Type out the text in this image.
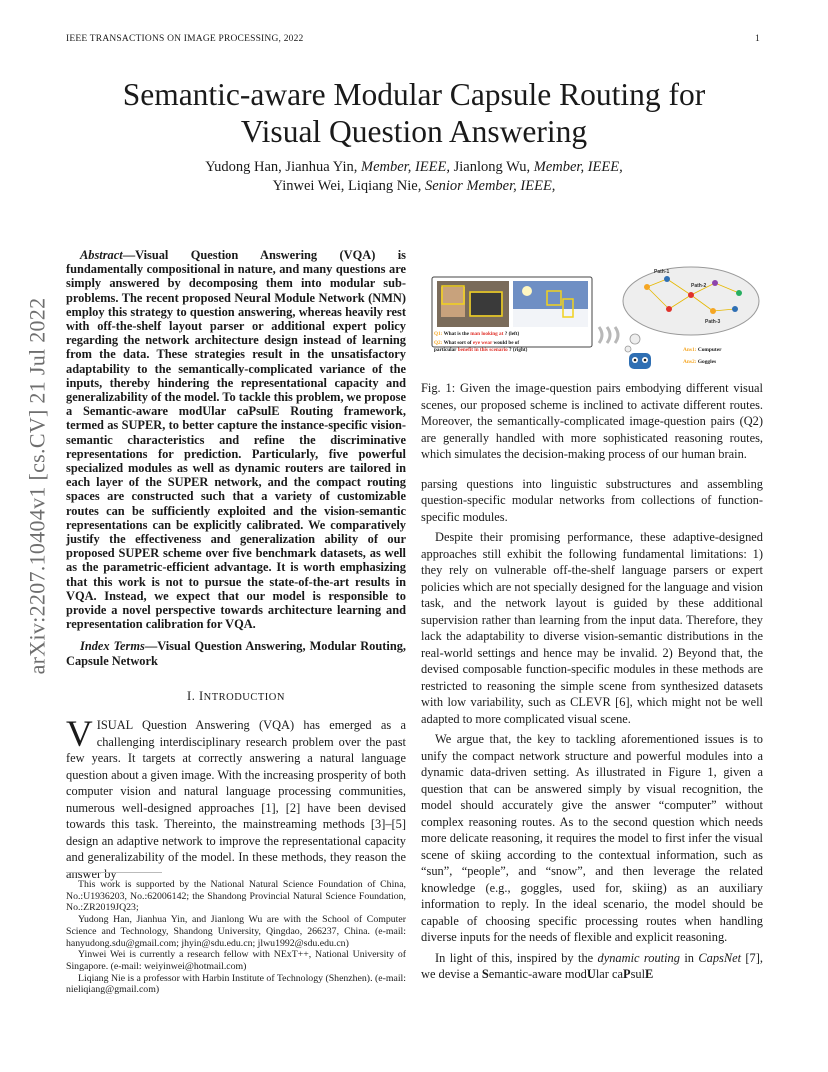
IEEE TRANSACTIONS ON IMAGE PROCESSING, 2022	1
arXiv:2207.10404v1 [cs.CV] 21 Jul 2022
Semantic-aware Modular Capsule Routing for
Visual Question Answering
Yudong Han, Jianhua Yin, Member, IEEE, Jianlong Wu, Member, IEEE,
Yinwei Wei, Liqiang Nie, Senior Member, IEEE,
Abstract—Visual Question Answering (VQA) is fundamentally compositional in nature, and many questions are simply answered by decomposing them into modular sub-problems. The recent proposed Neural Module Network (NMN) employ this strategy to question answering, whereas heavily rest with off-the-shelf layout parser or additional expert policy regarding the network architecture design instead of learning from the data. These strategies result in the unsatisfactory adaptability to the semantically-complicated variance of the inputs, thereby hindering the representational capacity and generalizability of the model. To tackle this problem, we propose a Semantic-aware modUlar caPsulE Routing framework, termed as SUPER, to better capture the instance-specific vision-semantic characteristics and refine the discriminative representations for prediction. Particularly, five powerful specialized modules as well as dynamic routers are tailored in each layer of the SUPER network, and the compact routing spaces are constructed such that a variety of customizable routes can be sufficiently exploited and the vision-semantic representations can be explicitly calibrated. We comparatively justify the effectiveness and generalization ability of our proposed SUPER scheme over five benchmark datasets, as well as the parametric-efficient advantage. It is worth emphasizing that this work is not to pursue the state-of-the-art results in VQA. Instead, we expect that our model is responsible to provide a novel perspective towards architecture learning and representation calibration for VQA.
Index Terms—Visual Question Answering, Modular Routing, Capsule Network
I. INTRODUCTION
VISUAL Question Answering (VQA) has emerged as a challenging interdisciplinary research problem over the past few years. It targets at correctly answering a natural language question about a given image. With the increasing prosperity of both computer vision and natural language processing communities, numerous well-designed approaches [1], [2] have been devised towards this task. Thereinto, the mainstreaming methods [3]–[5] design an adaptive network to improve the representational capacity and generalizability of the model. In these methods, they reason the answer by

This work is supported by the National Natural Science Foundation of China, No.:U1936203, No.:62006142; the Shandong Provincial Natural Science Foundation, No.:ZR2019JQ23;

Yudong Han, Jianhua Yin, and Jianlong Wu are with the School of Computer Science and Technology, Shandong University, Qingdao, 266237, China. (e-mail: hanyudong.sdu@gmail.com; jhyin@sdu.edu.cn; jlwu1992@sdu.edu.cn)

Yinwei Wei is currently a research fellow with NExT++, National University of Singapore. (e-mail: weiyinwei@hotmail.com)

Liqiang Nie is a professor with Harbin Institute of Technology (Shenzhen). (e-mail: nieliqiang@gmail.com)

Q1: What is the man looking at ? (left)
Q2: What sort of eye wear would be of
particular benefit in this scenario ? (right)
Path-1
Path-2
Path-3
Ans1: Computer
Ans2: Goggles

Fig. 1: Given the image-question pairs embodying different visual scenes, our proposed scheme is inclined to activate different routes. Moreover, the semantically-complicated image-question pairs (Q2) are generally handled with more sophisticated reasoning routes, which simulates the decision-making process of our human brain.

parsing questions into linguistic substructures and assembling question-specific modular networks from collections of function-specific modules.

Despite their promising performance, these adaptive-designed approaches still exhibit the following fundamental limitations: 1) they rely on vulnerable off-the-shelf language parsers or expert policies which are not specially designed for the language and vision task, and the network layout is guided by these additional supervision rather than learning from the input data. Therefore, they lack the adaptability to diverse vision-semantic distributions in the real-world settings and hence may be invalid. 2) Beyond that, the devised composable function-specific modules in these methods are restricted to reasoning the simple scene from synthesized datasets with low variability, such as CLEVR [6], which might not be well adapted to more complicated visual scene.

We argue that, the key to tackling aforementioned issues is to unify the compact network structure and powerful modules into a dynamic data-driven setting. As illustrated in Figure 1, given a question that can be answered simply by visual recognition, the model should accurately give the answer “computer” without complex reasoning routes. As to the second question which needs more delicate reasoning, it requires the model to first infer the visual scene of skiing according to the contextual information, such as “sun”, “people”, and “snow”, and then leverage the related knowledge (e.g., goggles, used for, skiing) as an auxiliary information to reply. In the ideal scenario, the model should be capable of choosing specific processing routes when handling diverse inputs for the needs of flexible and explicit reasoning.

In light of this, inspired by the dynamic routing in CapsNet [7], we devise a Semantic-aware modUlar caPsulE
